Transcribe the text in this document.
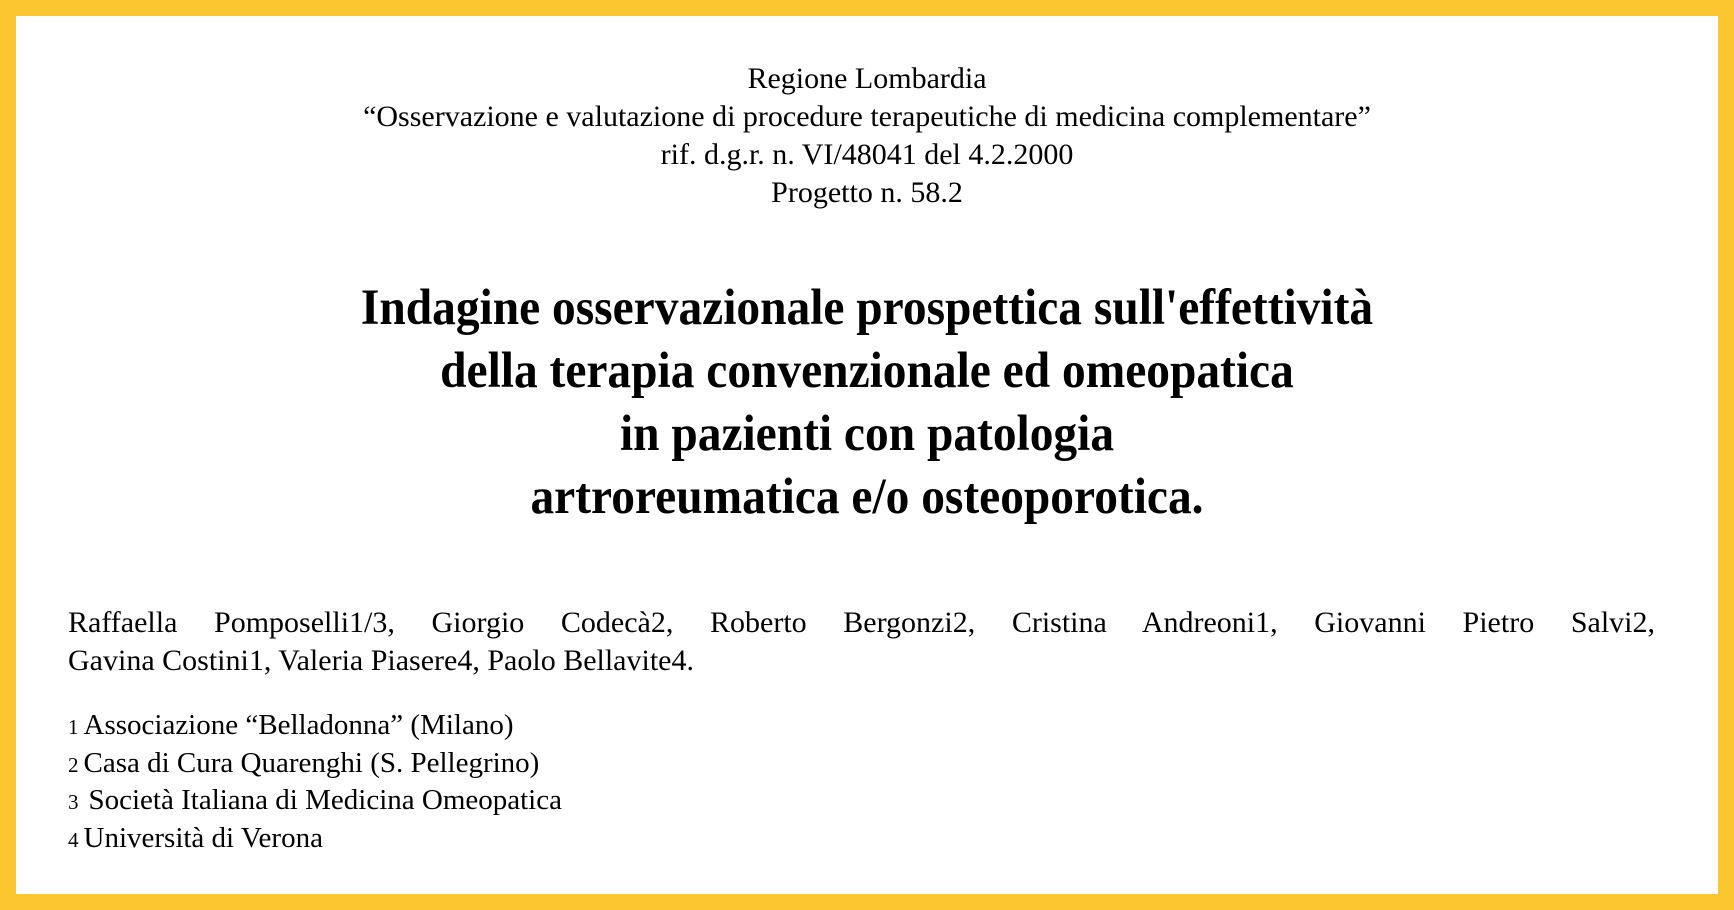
Regione Lombardia
“Osservazione e valutazione di procedure terapeutiche di medicina complementare”
rif. d.g.r. n. VI/48041 del 4.2.2000
Progetto n. 58.2
Indagine osservazionale prospettica sull'effettività
della terapia convenzionale ed omeopatica
in pazienti con patologia
artroreumatica e/o osteoporotica.
Raffaella Pomposelli1/3, Giorgio Codecà2, Roberto Bergonzi2, Cristina Andreoni1, Giovanni Pietro Salvi2,
Gavina Costini1, Valeria Piasere4, Paolo Bellavite4.
1 Associazione “Belladonna” (Milano)
2 Casa di Cura Quarenghi (S. Pellegrino)
3 Società Italiana di Medicina Omeopatica
4 Università di Verona
